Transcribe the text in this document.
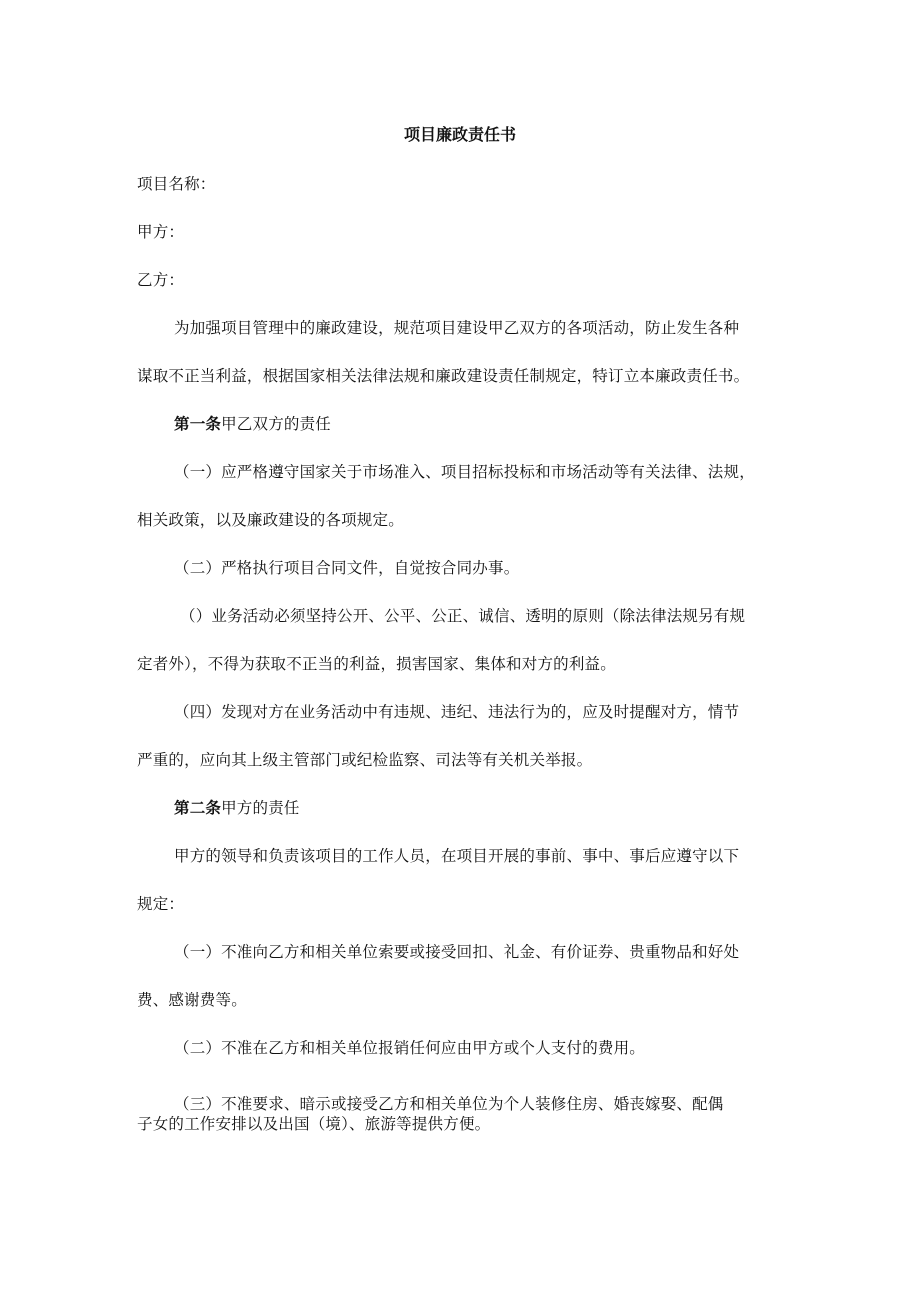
项目廉政责任书
项目名称：
甲方：
乙方：
为加强项目管理中的廉政建设，规范项目建设甲乙双方的各项活动，防止发生各种
谋取不正当利益，根据国家相关法律法规和廉政建设责任制规定，特订立本廉政责任书。
第一条甲乙双方的责任
（一）应严格遵守国家关于市场准入、项目招标投标和市场活动等有关法律、法规，
相关政策，以及廉政建设的各项规定。
（二）严格执行项目合同文件，自觉按合同办事。
（）业务活动必须坚持公开、公平、公正、诚信、透明的原则（除法律法规另有规
定者外），不得为获取不正当的利益，损害国家、集体和对方的利益。
（四）发现对方在业务活动中有违规、违纪、违法行为的，应及时提醒对方，情节
严重的，应向其上级主管部门或纪检监察、司法等有关机关举报。
第二条甲方的责任
甲方的领导和负责该项目的工作人员，在项目开展的事前、事中、事后应遵守以下
规定：
（一）不准向乙方和相关单位索要或接受回扣、礼金、有价证券、贵重物品和好处
费、感谢费等。
（二）不准在乙方和相关单位报销任何应由甲方或个人支付的费用。
（三）不准要求、暗示或接受乙方和相关单位为个人装修住房、婚丧嫁娶、配偶
子女的工作安排以及出国（境）、旅游等提供方便。
